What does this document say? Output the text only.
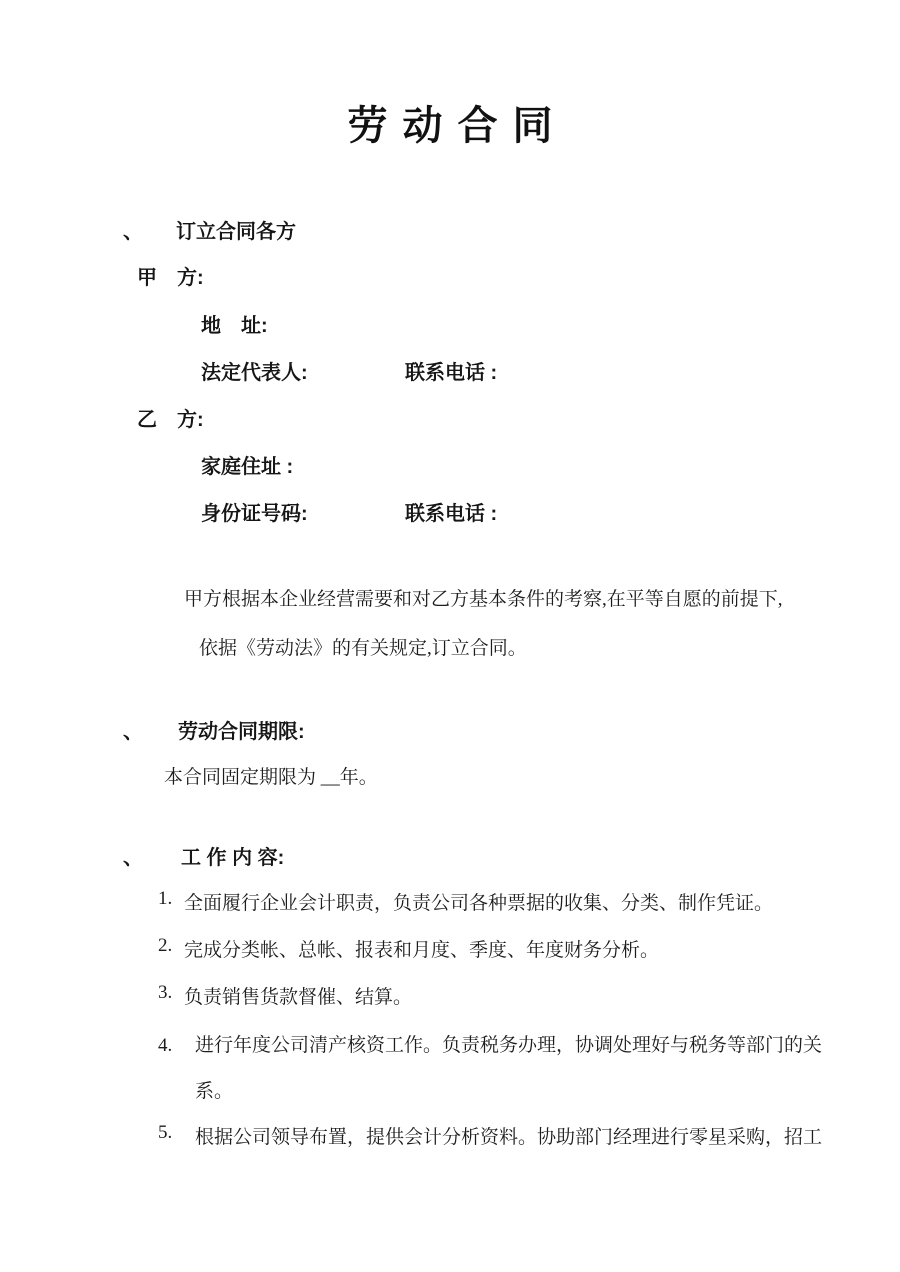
劳动合同
、 订立合同各方
甲　方:
地　址:
法定代表人:	联系电话 :
乙　方:
家庭住址 :
身份证号码:	联系电话 :
甲方根据本企业经营需要和对乙方基本条件的考察,在平等自愿的前提下,
依据《劳动法》的有关规定,订立合同。
、 劳动合同期限:
本合同固定期限为 __年。
、 工 作 内 容:
1. 全面履行企业会计职责，负责公司各种票据的收集、分类、制作凭证。
2. 完成分类帐、总帐、报表和月度、季度、年度财务分析。
3. 负责销售货款督催、结算。
4.	进行年度公司清产核资工作。负责税务办理，协调处理好与税务等部门的关系。
5.	根据公司领导布置，提供会计分析资料。协助部门经理进行零星采购，招工
